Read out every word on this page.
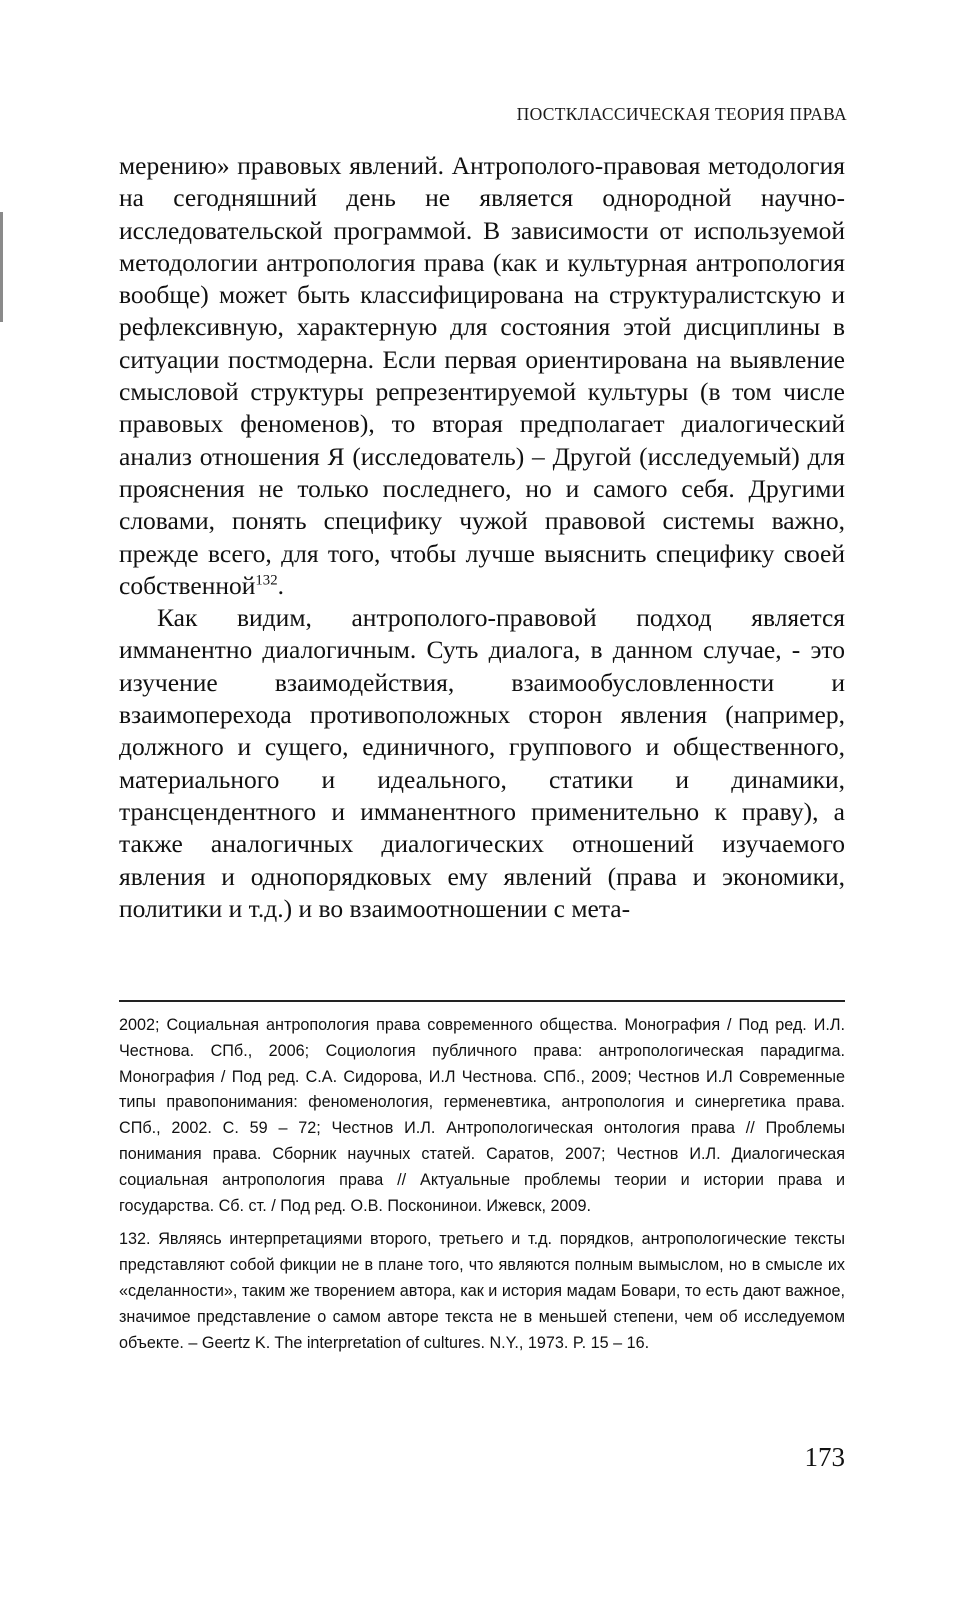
ПОСТКЛАССИЧЕСКАЯ ТЕОРИЯ ПРАВА

мерению» правовых явлений. Антрополого-правовая методология на сегодняшний день не является однородной научно-исследовательской программой. В зависимости от используемой методологии антропология права (как и культурная антропология вообще) может быть классифицирована на структуралистскую и рефлексивную, характерную для состояния этой дисциплины в ситуации постмодерна. Если первая ориентирована на выявление смысловой структуры репрезентируемой культуры (в том числе правовых феноменов), то вторая предполагает диалогический анализ отношения Я (исследователь) – Другой (исследуемый) для прояснения не только последнего, но и самого себя. Другими словами, понять специфику чужой правовой системы важно, прежде всего, для того, чтобы лучше выяснить специфику своей собственной$^{132}$.

Как видим, антрополого-правовой подход является имманентно диалогичным. Суть диалога, в данном случае, - это изучение взаимодействия, взаимообусловленности и взаимоперехода противоположных сторон явления (например, должного и сущего, единичного, группового и общественного, материального и идеального, статики и динамики, трансцендентного и имманентного применительно к праву), а также аналогичных диалогических отношений изучаемого явления и однопорядковых ему явлений (права и экономики, политики и т.д.) и во взаимоотношении с мета-

2002; Социальная антропология права современного общества. Монография / Под ред. И.Л. Честнова. СПб., 2006; Социология публичного права: антропологическая парадигма. Монография / Под ред. С.А. Сидорова, И.Л Честнова. СПб., 2009; Честнов И.Л Современные типы правопонимания: феноменология, герменевтика, антропология и синергетика права. СПб., 2002. С. 59 – 72; Честнов И.Л. Антропологическая онтология права // Проблемы понимания права. Сборник научных статей. Саратов, 2007; Честнов И.Л. Диалогическая социальная антропология права // Актуальные проблемы теории и истории права и государства. Сб. ст. / Под ред. О.В. Посконинои. Ижевск, 2009.

132. Являясь интерпретациями второго, третьего и т.д. порядков, антропологические тексты представляют собой фикции не в плане того, что являются полным вымыслом, но в смысле их «сделанности», таким же творением автора, как и история мадам Бовари, то есть дают важное, значимое представление о самом авторе текста не в меньшей степени, чем об исследуемом объекте. – Geertz K. The interpretation of cultures. N.Y., 1973. P. 15 – 16.

173
